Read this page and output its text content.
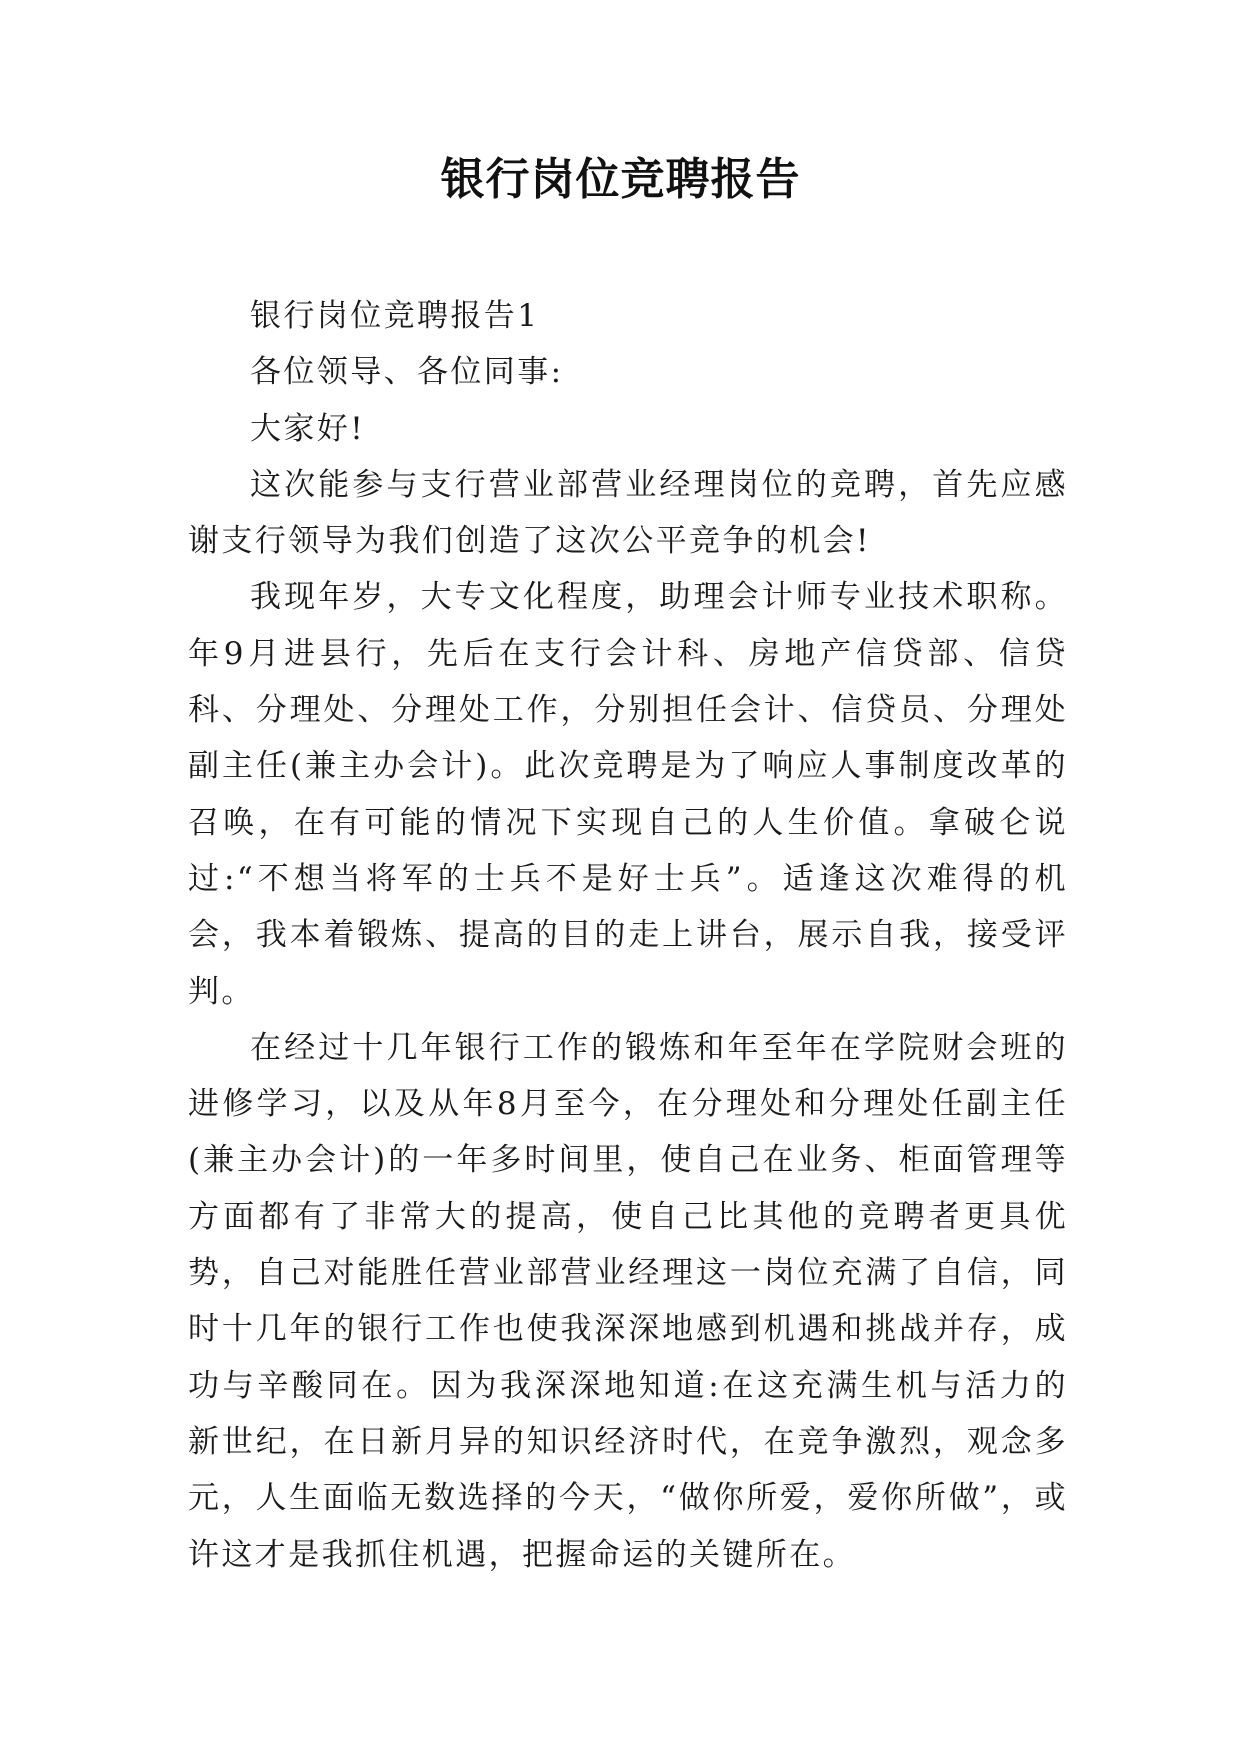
银行岗位竞聘报告

银行岗位竞聘报告1

各位领导、各位同事:

大家好!

这次能参与支行营业部营业经理岗位的竞聘，首先应感谢支行领导为我们创造了这次公平竞争的机会!

我现年岁，大专文化程度，助理会计师专业技术职称。年9月进县行，先后在支行会计科、房地产信贷部、信贷科、分理处、分理处工作，分别担任会计、信贷员、分理处副主任(兼主办会计)。此次竞聘是为了响应人事制度改革的召唤，在有可能的情况下实现自己的人生价值。拿破仑说过:“不想当将军的士兵不是好士兵”。适逢这次难得的机会，我本着锻炼、提高的目的走上讲台，展示自我，接受评判。

在经过十几年银行工作的锻炼和年至年在学院财会班的进修学习，以及从年8月至今，在分理处和分理处任副主任(兼主办会计)的一年多时间里，使自己在业务、柜面管理等方面都有了非常大的提高，使自己比其他的竞聘者更具优势，自己对能胜任营业部营业经理这一岗位充满了自信，同时十几年的银行工作也使我深深地感到机遇和挑战并存，成功与辛酸同在。因为我深深地知道:在这充满生机与活力的新世纪，在日新月异的知识经济时代，在竞争激烈，观念多元，人生面临无数选择的今天，“做你所爱，爱你所做”，或许这才是我抓住机遇，把握命运的关键所在。
